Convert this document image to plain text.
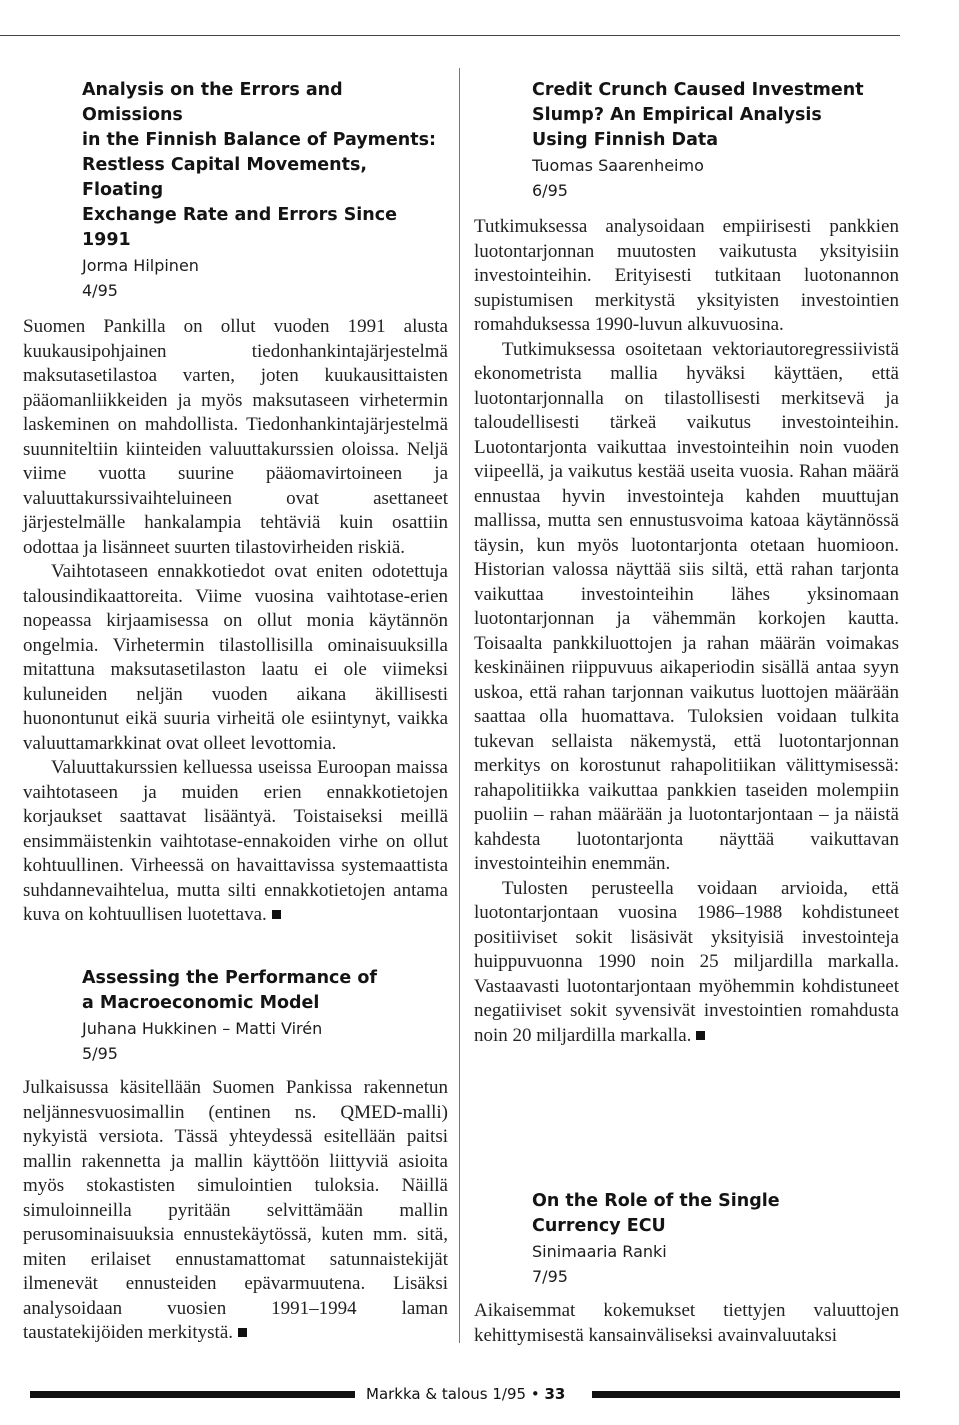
Analysis on the Errors and Omissions
in the Finnish Balance of Payments:
Restless Capital Movements, Floating
Exchange Rate and Errors Since 1991
Jorma Hilpinen
4/95

Suomen Pankilla on ollut vuoden 1991 alusta kuukausipohjainen tiedonhankintajärjestelmä maksutasetilastoa varten, joten kuukausittaisten pääomanliikkeiden ja myös maksutaseen virhetermin laskeminen on mahdollista. Tiedonhankintajärjestelmä suunniteltiin kiinteiden valuuttakurssien oloissa. Neljä viime vuotta suurine pääomavirtoineen ja valuuttakurssivaihteluineen ovat asettaneet järjestelmälle hankalampia tehtäviä kuin osattiin odottaa ja lisänneet suurten tilastovirheiden riskiä.

Vaihtotaseen ennakkotiedot ovat eniten odotettuja talousindikaattoreita. Viime vuosina vaihtotase-erien nopeassa kirjaamisessa on ollut monia käytännön ongelmia. Virhetermin tilastollisilla ominaisuuksilla mitattuna maksutasetilaston laatu ei ole viimeksi kuluneiden neljän vuoden aikana äkillisesti huonontunut eikä suuria virheitä ole esiintynyt, vaikka valuuttamarkkinat ovat olleet levottomia.

Valuuttakurssien kelluessa useissa Euroopan maissa vaihtotaseen ja muiden erien ennakkotietojen korjaukset saattavat lisääntyä. Toistaiseksi meillä ensimmäistenkin vaihtotase-ennakoiden virhe on ollut kohtuullinen. Virheessä on havaittavissa systemaattista suhdannevaihtelua, mutta silti ennakkotietojen antama kuva on kohtuullisen luotettava.

Assessing the Performance of
a Macroeconomic Model
Juhana Hukkinen – Matti Virén
5/95

Julkaisussa käsitellään Suomen Pankissa rakennetun neljännesvuosimallin (entinen ns. QMED-malli) nykyistä versiota. Tässä yhteydessä esitellään paitsi mallin rakennetta ja mallin käyttöön liittyviä asioita myös stokastisten simulointien tuloksia. Näillä simuloinneilla pyritään selvittämään mallin perusominaisuuksia ennustekäytössä, kuten mm. sitä, miten erilaiset ennustamattomat satunnaistekijät ilmenevät ennusteiden epävarmuutena. Lisäksi analysoidaan vuosien 1991–1994 laman taustatekijöiden merkitystä.

Credit Crunch Caused Investment
Slump? An Empirical Analysis
Using Finnish Data
Tuomas Saarenheimo
6/95

Tutkimuksessa analysoidaan empiirisesti pankkien luotontarjonnan muutosten vaikutusta yksityisiin investointeihin. Erityisesti tutkitaan luotonannon supistumisen merkitystä yksityisten investointien romahduksessa 1990-luvun alkuvuosina.

Tutkimuksessa osoitetaan vektoriautoregressiivistä ekonometrista mallia hyväksi käyttäen, että luotontarjonnalla on tilastollisesti merkitsevä ja taloudellisesti tärkeä vaikutus investointeihin. Luotontarjonta vaikuttaa investointeihin noin vuoden viipeellä, ja vaikutus kestää useita vuosia. Rahan määrä ennustaa hyvin investointeja kahden muuttujan mallissa, mutta sen ennustusvoima katoaa käytännössä täysin, kun myös luotontarjonta otetaan huomioon. Historian valossa näyttää siis siltä, että rahan tarjonta vaikuttaa investointeihin lähes yksinomaan luotontarjonnan ja vähemmän korkojen kautta. Toisaalta pankkiluottojen ja rahan määrän voimakas keskinäinen riippuvuus aikaperiodin sisällä antaa syyn uskoa, että rahan tarjonnan vaikutus luottojen määrään saattaa olla huomattava. Tuloksien voidaan tulkita tukevan sellaista näkemystä, että luotontarjonnan merkitys on korostunut rahapolitiikan välittymisessä: rahapolitiikka vaikuttaa pankkien taseiden molempiin puoliin – rahan määrään ja luotontarjontaan – ja näistä kahdesta luotontarjonta näyttää vaikuttavan investointeihin enemmän.

Tulosten perusteella voidaan arvioida, että luotontarjontaan vuosina 1986–1988 kohdistuneet positiiviset sokit lisäsivät yksityisiä investointeja huippuvuonna 1990 noin 25 miljardilla markalla. Vastaavasti luotontarjontaan myöhemmin kohdistuneet negatiiviset sokit syvensivät investointien romahdusta noin 20 miljardilla markalla.

On the Role of the Single
Currency ECU
Sinimaaria Ranki
7/95

Aikaisemmat kokemukset tiettyjen valuuttojen kehittymisestä kansainväliseksi avainvaluutaksi

Markka & talous 1/95 • 33
